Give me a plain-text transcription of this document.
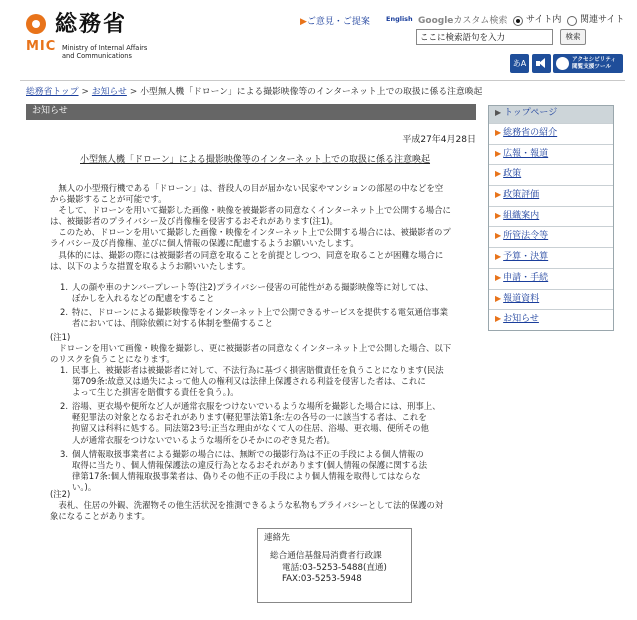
総務省
MIC Ministry of Internal Affairs
and Communications
▶ご意見・ご提案 English Googleカスタム検索 サイト内 関連サイト
ここに検索語句を入力
検索
あA	アクセシビリティ
閲覧支援ツール
総務省トップ > お知らせ > 小型無人機「ドローン」による撮影映像等のインターネット上での取扱に係る注意喚起
お知らせ
平成27年4月28日
小型無人機「ドローン」による撮影映像等のインターネット上での取扱に係る注意喚起
　無人の小型飛行機である「ドローン」は、普段人の目が届かない民家やマンションの部屋の中などを空
から撮影することが可能です。
　そして、ドローンを用いて撮影した画像・映像を被撮影者の同意なくインターネット上で公開する場合に
は、被撮影者のプライバシー及び肖像権を侵害するおそれがあります(注1)。
　このため、ドローンを用いて撮影した画像・映像をインターネット上で公開する場合には、被撮影者のプ
ライバシー及び肖像権、並びに個人情報の保護に配慮するようお願いいたします。
　具体的には、撮影の際には被撮影者の同意を取ることを前提としつつ、同意を取ることが困難な場合に
は、以下のような措置を取るようお願いいたします。
1. 人の顔や車のナンバープレート等(注2)プライバシー侵害の可能性がある撮影映像等に対しては、
ぼかしを入れるなどの配慮をすること
2. 特に、ドローンによる撮影映像等をインターネット上で公開できるサービスを提供する電気通信事業
者においては、削除依頼に対する体制を整備すること
(注1)
　ドローンを用いて画像・映像を撮影し、更に被撮影者の同意なくインターネット上で公開した場合、以下
のリスクを負うことになります。
1. 民事上、被撮影者は被撮影者に対して、不法行為に基づく損害賠償責任を負うことになります(民法
第709条:故意又は過失によって他人の権利又は法律上保護される利益を侵害した者は、これに
よって生じた損害を賠償する責任を負う。)。
2. 浴場、更衣場や便所など人が通常衣服をつけないでいるような場所を撮影した場合には、刑事上、
軽犯罪法の対象となるおそれがあります(軽犯罪法第1条:左の各号の一に該当する者は、これを
拘留又は科料に処する。同法第23号:正当な理由がなくて人の住居、浴場、更衣場、便所その他
人が通常衣服をつけないでいるような場所をひそかにのぞき見た者)。
3. 個人情報取扱事業者による撮影の場合には、無断での撮影行為は不正の手段による個人情報の
取得に当たり、個人情報保護法の違反行為となるおそれがあります(個人情報の保護に関する法
律第17条:個人情報取扱事業者は、偽りその他不正の手段により個人情報を取得してはならな
い。)。
(注2)
　表札、住居の外観、洗濯物その他生活状況を推測できるような私物もプライバシーとして法的保護の対
象になることがあります。
連絡先
総合通信基盤局消費者行政課
電話:03-5253-5488(直通)
FAX:03-5253-5948
▶ トップページ
▶ 総務省の紹介
▶ 広報・報道
▶ 政策
▶ 政策評価
▶ 組織案内
▶ 所管法令等
▶ 予算・決算
▶ 申請・手続
▶ 報道資料
▶ お知らせ
